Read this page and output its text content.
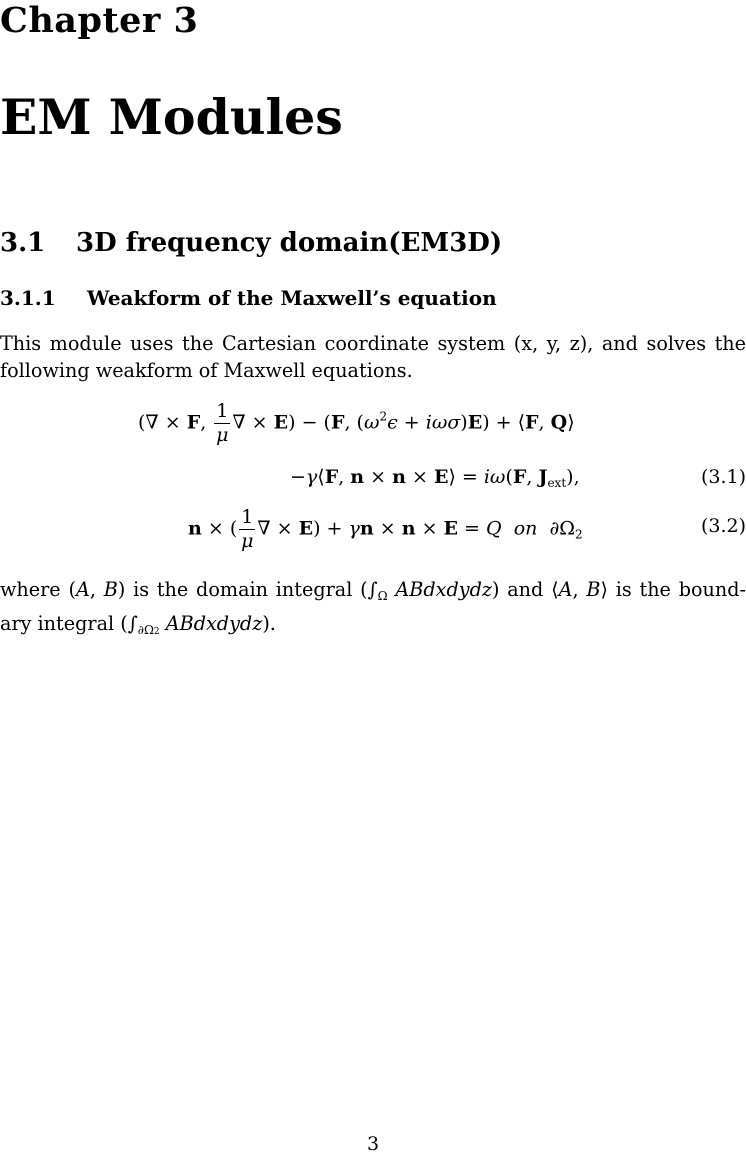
Chapter 3
EM Modules
3.1 3D frequency domain(EM3D)
3.1.1 Weakform of the Maxwell’s equation
This module uses the Cartesian coordinate system (x, y, z), and solves the following weakform of Maxwell equations.
(∇ × F, $\frac{1}{\mu}$ ∇ × E) − (F, $(\omega^2\epsilon + i\omega\sigma)E$) + ⟨F, Q⟩
−γ⟨F, n × n × E⟩ = iω(F, $J_{ext}$),	(3.1)
n × ( $\frac{1}{\mu}$ ∇ × E) + γn × n × E = Q on  $\partial\Omega_2$	(3.2)
where (A, B) is the domain integral ($\int_\Omega$ ABdxdydz) and ⟨A, B⟩ is the bound-ary integral ($\int_{\partial\Omega 2}$ ABdxdydz).
3
